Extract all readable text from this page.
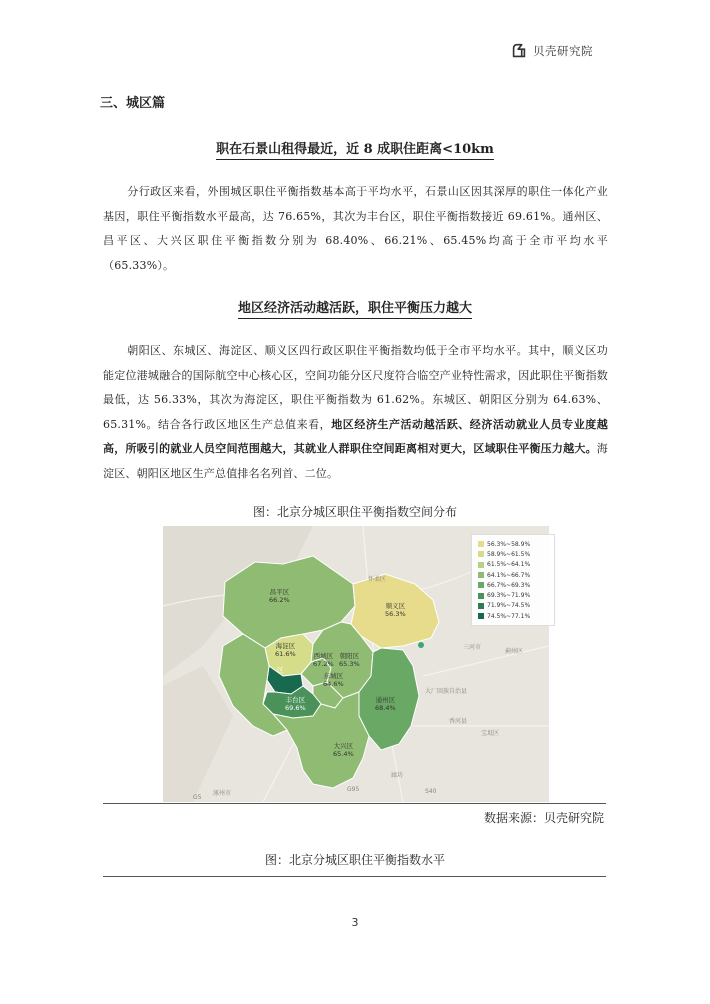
贝壳研究院
三、城区篇
职在石景山租得最近，近 8 成职住距离<10km
分行政区来看，外围城区职住平衡指数基本高于平均水平，石景山区因其深厚的职住一体化产业基因，职住平衡指数水平最高，达 76.65%，其次为丰台区，职住平衡指数接近 69.61%。通州区、昌平区、大兴区职住平衡指数分别为 68.40%、66.21%、65.45%均高于全市平均水平（65.33%）。
地区经济活动越活跃，职住平衡压力越大
朝阳区、东城区、海淀区、顺义区四行政区职住平衡指数均低于全市平均水平。其中，顺义区功能定位港城融合的国际航空中心核心区，空间功能分区尺度符合临空产业特性需求，因此职住平衡指数最低，达 56.33%，其次为海淀区，职住平衡指数为 61.62%。东城区、朝阳区分别为 64.63%、65.31%。结合各行政区地区生产总值来看，地区经济生产活动越活跃、经济活动就业人员专业度越高，所吸引的就业人员空间范围越大，其就业人群职住空间距离相对更大，区域职住平衡压力越大。海淀区、朝阳区地区生产总值排名名列首、二位。
图：北京分城区职住平衡指数空间分布
昌平区
66.2%
顺义区
56.3%
海淀区
61.6%	西城区
67.2%
朝阳区
65.3%
东城区
64.6%
区
丰台区
69.6%
通州区
68.4%
大兴区
65.4%
怀柔区
三河市
蓟州区
大厂回族自治县
香河县
宝坻区
涿州市
廊坊
G5
G95	S40
56.3%~58.9%
58.9%~61.5%
61.5%~64.1%
64.1%~66.7%
66.7%~69.3%
69.3%~71.9%
71.9%~74.5%
74.5%~77.1%
数据来源：贝壳研究院
图：北京分城区职住平衡指数水平
3
